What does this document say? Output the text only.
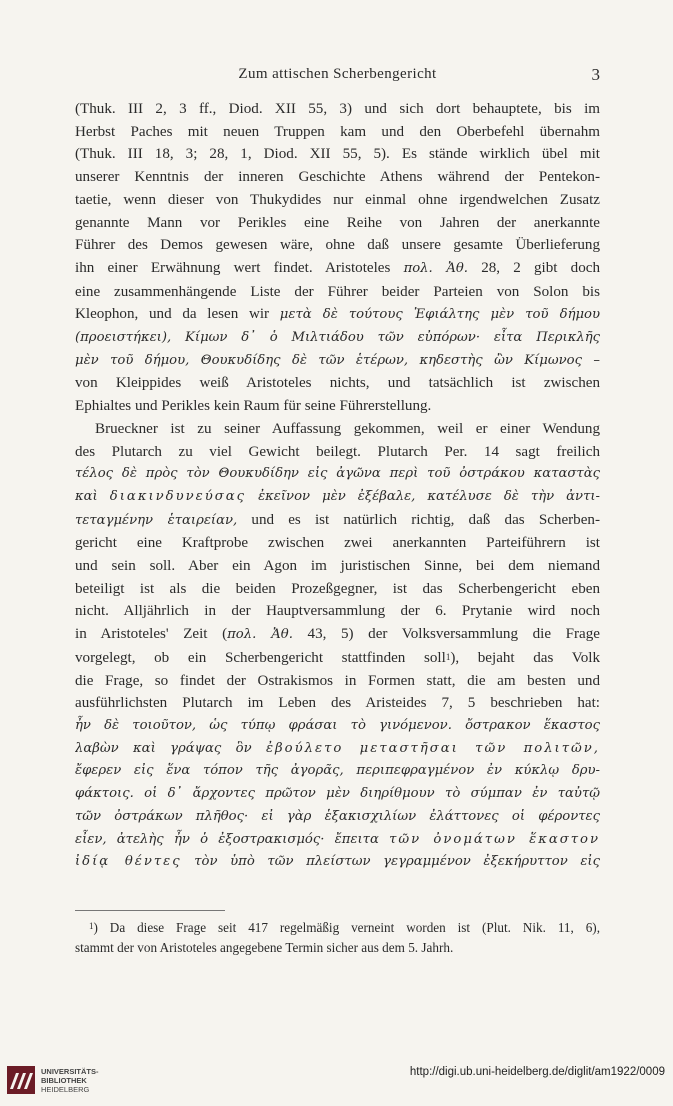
Zum attischen Scherbengericht	3

(Thuk. III 2, 3 ff., Diod. XII 55, 3) und sich dort behauptete, bis im
Herbst Paches mit neuen Truppen kam und den Oberbefehl übernahm
(Thuk. III 18, 3; 28, 1, Diod. XII 55, 5). Es stände wirklich übel mit
unserer Kenntnis der inneren Geschichte Athens während der Pentekon-
taetie, wenn dieser von Thukydides nur einmal ohne irgendwelchen Zusatz
genannte Mann vor Perikles eine Reihe von Jahren der anerkannte
Führer des Demos gewesen wäre, ohne daß unsere gesamte Überlieferung
ihn einer Erwähnung wert findet. Aristoteles πολ. Ἀθ. 28, 2 gibt doch
eine zusammenhängende Liste der Führer beider Parteien von Solon bis
Kleophon, und da lesen wir μετὰ δὲ τούτους Ἐφιάλτης μὲν τοῦ δήμου
(προειστήκει), Κίμων δ᾽ ὁ Μιλτιάδου τῶν εὐπόρων· εἶτα Περικλῆς
μὲν τοῦ δήμου, Θουκυδίδης δὲ τῶν ἑτέρων, κηδεστὴς ὢν Κίμωνος –
von Kleippides weiß Aristoteles nichts, und tatsächlich ist zwischen
Ephialtes und Perikles kein Raum für seine Führerstellung.

Brueckner ist zu seiner Auffassung gekommen, weil er einer Wendung
des Plutarch zu viel Gewicht beilegt. Plutarch Per. 14 sagt freilich
τέλος δὲ πρὸς τὸν Θουκυδίδην εἰς ἀγῶνα περὶ τοῦ ὀστράκου καταστὰς
καὶ διακινδυνεύσας ἐκεῖνον μὲν ἐξέβαλε, κατέλυσε δὲ τὴν ἀντι-
τεταγμένην ἑταιρείαν, und es ist natürlich richtig, daß das Scherben-
gericht eine Kraftprobe zwischen zwei anerkannten Parteiführern ist
und sein soll. Aber ein Agon im juristischen Sinne, bei dem niemand
beteiligt ist als die beiden Prozeßgegner, ist das Scherbengericht eben
nicht. Alljährlich in der Hauptversammlung der 6. Prytanie wird noch
in Aristoteles' Zeit (πολ. Ἀθ. 43, 5) der Volksversammlung die Frage
vorgelegt, ob ein Scherbengericht stattfinden soll$^1$), bejaht das Volk
die Frage, so findet der Ostrakismos in Formen statt, die am besten und
ausführlichsten Plutarch im Leben des Aristeides 7, 5 beschrieben hat:
ἦν δὲ τοιοῦτον, ὡς τύπῳ φράσαι τὸ γινόμενον. ὄστρακον ἕκαστος
λαβὼν καὶ γράψας ὃν ἐβούλετο μεταστῆσαι τῶν πολιτῶν,
ἔφερεν εἰς ἕνα τόπον τῆς ἀγορᾶς, περιπεφραγμένον ἐν κύκλῳ δρυ-
φάκτοις. οἱ δ᾽ ἄρχοντες πρῶτον μὲν διηρίθμουν τὸ σύμπαν ἐν ταὐτῷ
τῶν ὀστράκων πλῆθος· εἰ γὰρ ἑξακισχιλίων ἐλάττονες οἱ φέροντες
εἶεν, ἀτελὴς ἦν ὁ ἐξοστρακισμός· ἔπειτα τῶν ὀνομάτων ἕκαστον
ἰδίᾳ θέντες τὸν ὑπὸ τῶν πλείστων γεγραμμένον ἐξεκήρυττον εἰς

$^1$) Da diese Frage seit 417 regelmäßig verneint worden ist (Plut. Nik. 11, 6),
stammt der von Aristoteles angegebene Termin sicher aus dem 5. Jahrh.
UNIVERSITÄTS-
BIBLIOTHEK
HEIDELBERG
http://digi.ub.uni-heidelberg.de/diglit/am1922/0009
